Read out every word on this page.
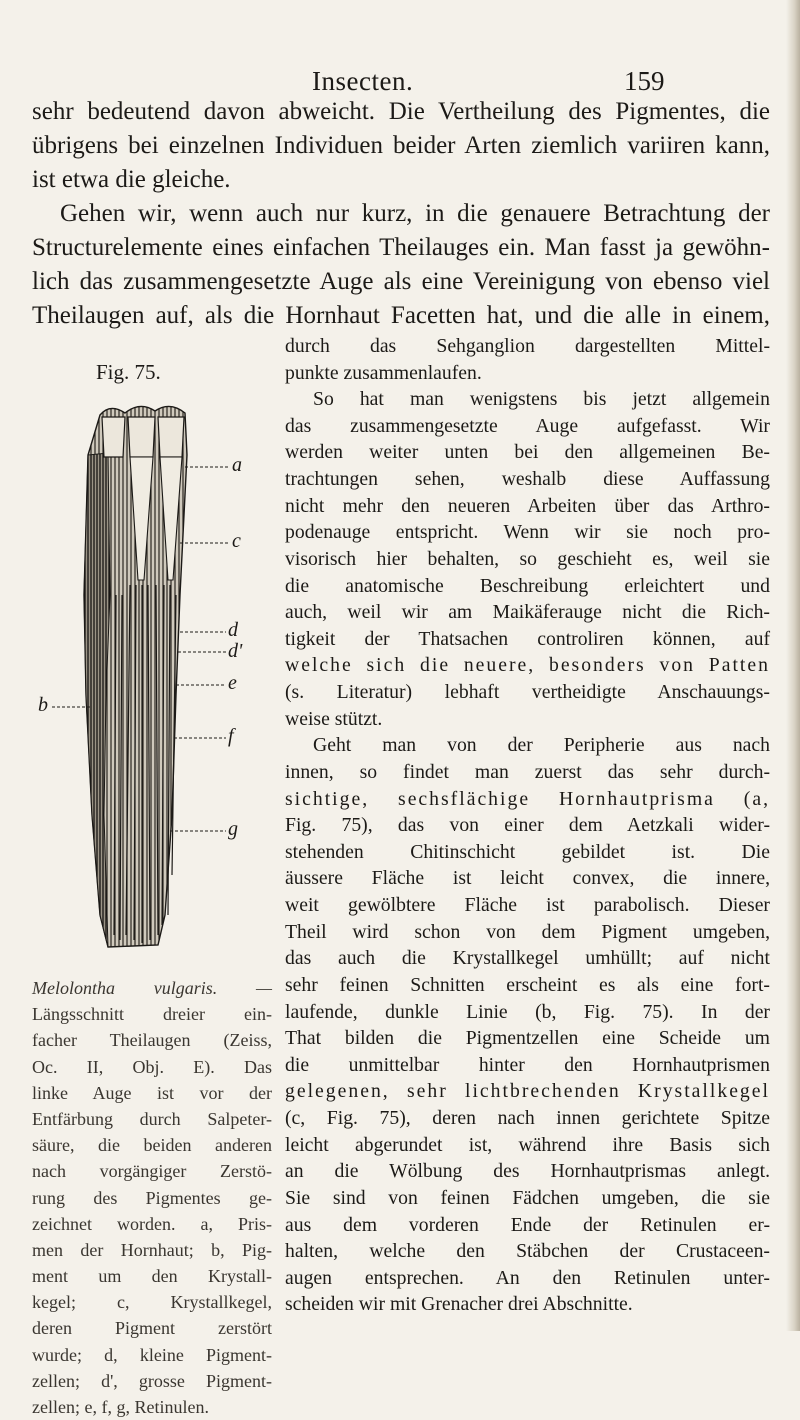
Insecten.	159
sehr bedeutend davon abweicht. Die Vertheilung des Pigmentes, die
übrigens bei einzelnen Individuen beider Arten ziemlich variiren kann,
ist etwa die gleiche.
Gehen wir, wenn auch nur kurz, in die genauere Betrachtung der
Structurelemente eines einfachen Theilauges ein. Man fasst ja gewöhn-
lich das zusammengesetzte Auge als eine Vereinigung von ebenso viel
Theilaugen auf, als die Hornhaut Facetten hat, und die alle in einem,
Fig. 75.
a
c
b
d
d'
e
f
g
Melolontha vulgaris. —
Längsschnitt dreier ein-
facher Theilaugen (Zeiss,
Oc. II, Obj. E). Das
linke Auge ist vor der
Entfärbung durch Salpeter-
säure, die beiden anderen
nach vorgängiger Zerstö-
rung des Pigmentes ge-
zeichnet worden. a, Pris-
men der Hornhaut; b, Pig-
ment um den Krystall-
kegel; c, Krystallkegel,
deren Pigment zerstört
wurde; d, kleine Pigment-
zellen; d', grosse Pigment-
zellen; e, f, g, Retinulen.
durch das Sehganglion dargestellten Mittel-
punkte zusammenlaufen.
So hat man wenigstens bis jetzt allgemein
das zusammengesetzte Auge aufgefasst. Wir
werden weiter unten bei den allgemeinen Be-
trachtungen sehen, weshalb diese Auffassung
nicht mehr den neueren Arbeiten über das Arthro-
podenauge entspricht. Wenn wir sie noch pro-
visorisch hier behalten, so geschieht es, weil sie
die anatomische Beschreibung erleichtert und
auch, weil wir am Maikäferauge nicht die Rich-
tigkeit der Thatsachen controliren können, auf
welche sich die neuere, besonders von Patten
(s. Literatur) lebhaft vertheidigte Anschauungs-
weise stützt.
Geht man von der Peripherie aus nach
innen, so findet man zuerst das sehr durch-
sichtige, sechsflächige Hornhautprisma (a,
Fig. 75), das von einer dem Aetzkali wider-
stehenden Chitinschicht gebildet ist. Die
äussere Fläche ist leicht convex, die innere,
weit gewölbtere Fläche ist parabolisch. Dieser
Theil wird schon von dem Pigment umgeben,
das auch die Krystallkegel umhüllt; auf nicht
sehr feinen Schnitten erscheint es als eine fort-
laufende, dunkle Linie (b, Fig. 75). In der
That bilden die Pigmentzellen eine Scheide um
die unmittelbar hinter den Hornhautprismen
gelegenen, sehr lichtbrechenden Krystallkegel
(c, Fig. 75), deren nach innen gerichtete Spitze
leicht abgerundet ist, während ihre Basis sich
an die Wölbung des Hornhautprismas anlegt.
Sie sind von feinen Fädchen umgeben, die sie
aus dem vorderen Ende der Retinulen er-
halten, welche den Stäbchen der Crustaceen-
augen entsprechen. An den Retinulen unter-
scheiden wir mit Grenacher drei Abschnitte.
